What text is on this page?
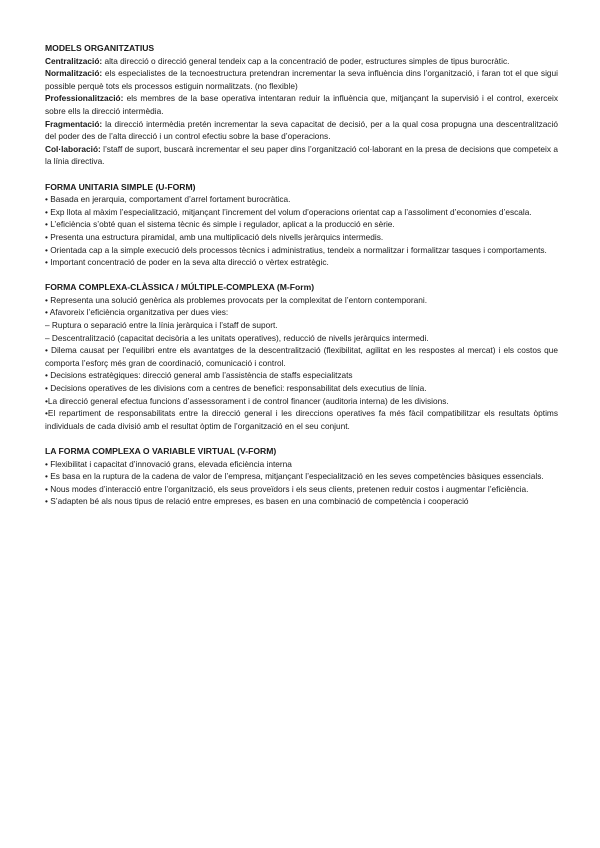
MODELS ORGANITZATIUS

Centralització: alta direcció o direcció general tendeix cap a la concentració de poder, estructures simples de tipus burocràtic.

Normalització: els especialistes de la tecnoestructura pretendran incrementar la seva influència dins l’organització, i faran tot el que sigui possible perquè tots els processos estiguin normalitzats. (no flexible)

Professionalització: els membres de la base operativa intentaran reduir la influència que, mitjançant la supervisió i el control, exerceix sobre ells la direcció intermèdia.

Fragmentació: la direcció intermèdia pretén incrementar la seva capacitat de decisió, per a la qual cosa propugna una descentralització del poder des de l’alta direcció i un control efectiu sobre la base d’operacions.

Col·laboració: l’staff de suport, buscarà incrementar el seu paper dins l’organització col·laborant en la presa de decisions que competeix a la línia directiva.

FORMA UNITARIA SIMPLE (U-FORM)

• Basada en jerarquia, comportament d’arrel fortament burocràtica.

• Exp llota al màxim l’especialització, mitjançant l’increment del volum d’operacions orientat cap a l’assoliment d’economies d’escala.

• L’eficiència s’obté quan el sistema tècnic és simple i regulador, aplicat a la producció en sèrie.

• Presenta una estructura piramidal, amb una multiplicació dels nivells jeràrquics intermedis.

• Orientada cap a la simple execució dels processos tècnics i administratius, tendeix a normalitzar i formalitzar tasques i comportaments.

• Important concentració de poder en la seva alta direcció o vèrtex estratègic.

FORMA COMPLEXA-CLÀSSICA / MÚLTIPLE-COMPLEXA (M-Form)

• Representa una solució genèrica als problemes provocats per la complexitat de l’entorn contemporani.

• Afavoreix l’eficiència organitzativa per dues vies:

– Ruptura o separació entre la línia jeràrquica i l’staff de suport.

– Descentralització (capacitat decisòria a les unitats operatives), reducció de nivells jeràrquics intermedi.

• Dilema causat per l’equilibri entre els avantatges de la descentralització (flexibilitat, agilitat en les respostes al mercat) i els costos que comporta l’esforç més gran de coordinació, comunicació i control.

• Decisions estratègiques: direcció general amb l’assistència de staffs especialitzats

• Decisions operatives de les divisions com a centres de benefici: responsabilitat dels executius de línia.

•La direcció general efectua funcions d’assessorament i de control financer (auditoria interna) de les divisions.

•El repartiment de responsabilitats entre la direcció general i les direccions operatives fa més fàcil compatibilitzar els resultats òptims individuals de cada divisió amb el resultat òptim de l’organització en el seu conjunt.

LA FORMA COMPLEXA O VARIABLE VIRTUAL (V-FORM)

• Flexibilitat i capacitat d’innovació grans, elevada eficiència interna

• Es basa en la ruptura de la cadena de valor de l’empresa, mitjançant l’especialització en les seves competències bàsiques essencials.

• Nous modes d’interacció entre l’organització, els seus proveïdors i els seus clients, pretenen reduir costos i augmentar l’eficiència.

• S’adapten bé als nous tipus de relació entre empreses, es basen en una combinació de competència i cooperació
